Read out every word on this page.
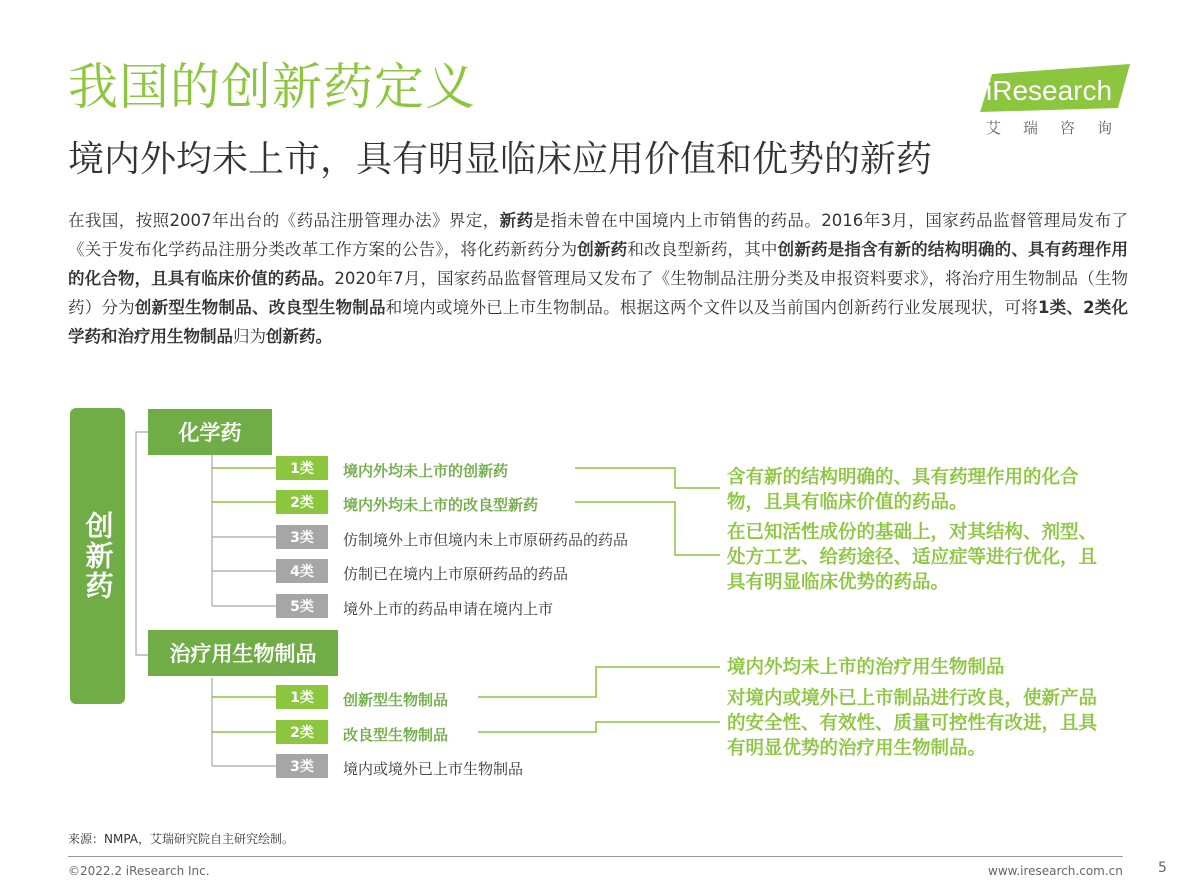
我国的创新药定义
境内外均未上市，具有明显临床应用价值和优势的新药
iResearch
艾瑞咨询
在我国，按照2007年出台的《药品注册管理办法》界定，新药是指未曾在中国境内上市销售的药品。2016年3月，国家药品监督管理局发布了《关于发布化学药品注册分类改革工作方案的公告》，将化药新药分为创新药和改良型新药，其中创新药是指含有新的结构明确的、具有药理作用的化合物，且具有临床价值的药品。2020年7月，国家药品监督管理局又发布了《生物制品注册分类及申报资料要求》，将治疗用生物制品（生物药）分为创新型生物制品、改良型生物制品和境内或境外已上市生物制品。根据这两个文件以及当前国内创新药行业发展现状，可将1类、2类化学药和治疗用生物制品归为创新药。
创新药
化学药
1类	境内外均未上市的创新药
2类	境内外均未上市的改良型新药
3类	仿制境外上市但境内未上市原研药品的药品
4类	仿制已在境内上市原研药品的药品
5类	境外上市的药品申请在境内上市
含有新的结构明确的、具有药理作用的化合物，且具有临床价值的药品。
在已知活性成份的基础上，对其结构、剂型、处方工艺、给药途径、适应症等进行优化，且具有明显临床优势的药品。
治疗用生物制品
1类	创新型生物制品
2类	改良型生物制品
3类	境内或境外已上市生物制品
境内外均未上市的治疗用生物制品
对境内或境外已上市制品进行改良，使新产品的安全性、有效性、质量可控性有改进，且具有明显优势的治疗用生物制品。
来源：NMPA，艾瑞研究院自主研究绘制。
©2022.2 iResearch Inc.	www.iresearch.com.cn	5
